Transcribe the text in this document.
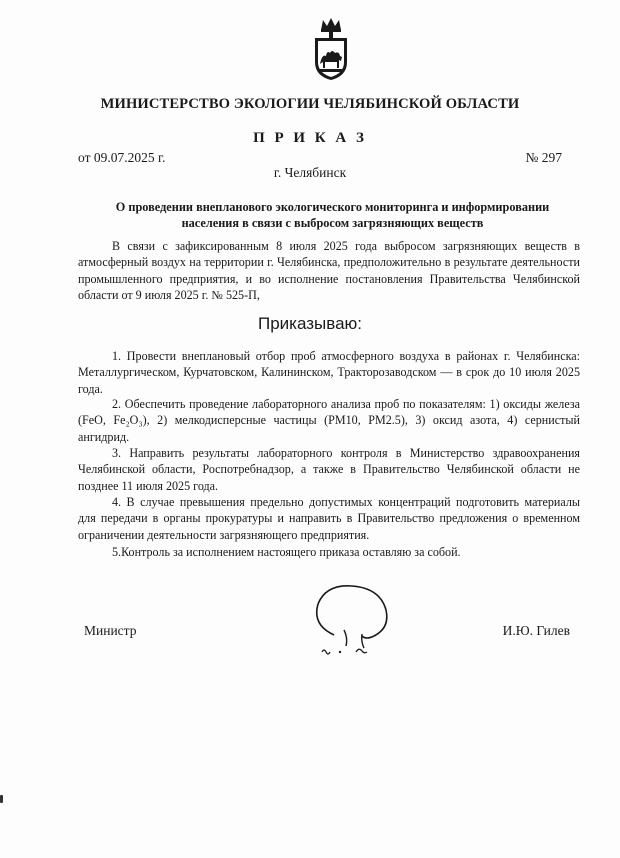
МИНИСТЕРСТВО ЭКОЛОГИИ ЧЕЛЯБИНСКОЙ ОБЛАСТИ
П Р И К А З
от 09.07.2025 г.	№ 297
г. Челябинск
О проведении внепланового экологического мониторинга и информировании населения в связи с выбросом загрязняющих веществ
В связи с зафиксированным 8 июля 2025 года выбросом загрязняющих веществ в атмосферный воздух на территории г. Челябинска, предположительно в результате деятельности промышленного предприятия, и во исполнение постановления Правительства Челябинской области от 9 июля 2025 г. № 525-П,
Приказываю:
1. Провести внеплановый отбор проб атмосферного воздуха в районах г. Челябинска: Металлургическом, Курчатовском, Калининском, Тракторозаводском — в срок до 10 июля 2025 года.
2. Обеспечить проведение лабораторного анализа проб по показателям: 1) оксиды железа (FeO, Fe₂O₃), 2) мелкодисперсные частицы (PM10, PM2.5), 3) оксид азота, 4) сернистый ангидрид.
3. Направить результаты лабораторного контроля в Министерство здравоохранения Челябинской области, Роспотребнадзор, а также в Правительство Челябинской области не позднее 11 июля 2025 года.
4. В случае превышения предельно допустимых концентраций подготовить материалы для передачи в органы прокуратуры и направить в Правительство предложения о временном ограничении деятельности загрязняющего предприятия.
5.Контроль за исполнением настоящего приказа оставляю за собой.
Министр	И.Ю. Гилев
